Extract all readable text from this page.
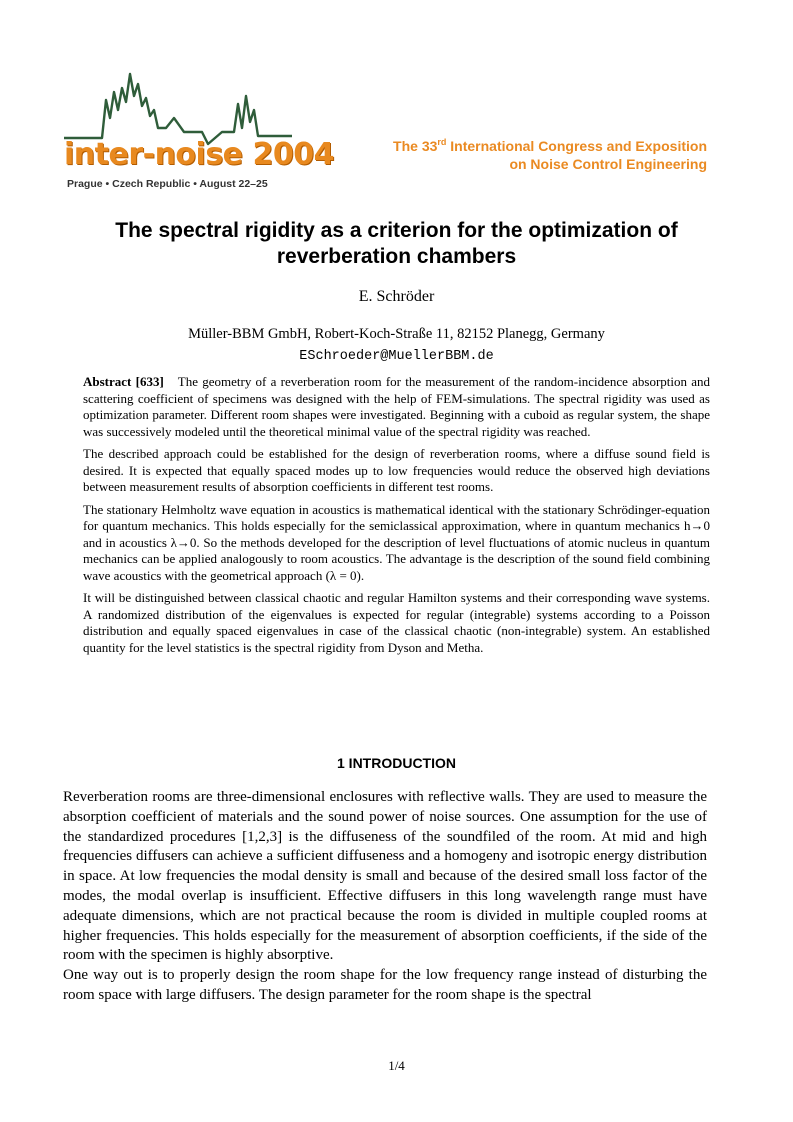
inter-noise 2004
Prague • Czech Republic • August 22–25
The 33rd International Congress and Exposition
on Noise Control Engineering
The spectral rigidity as a criterion for the optimization of reverberation chambers
E. Schröder
Müller-BBM GmbH, Robert-Koch-Straße 11, 82152 Planegg, Germany
ESchroeder@MuellerBBM.de

Abstract [633] The geometry of a reverberation room for the measurement of the random-incidence absorption and scattering coefficient of specimens was designed with the help of FEM-simulations. The spectral rigidity was used as optimization parameter. Different room shapes were investigated. Beginning with a cuboid as regular system, the shape was successively modeled until the theoretical minimal value of the spectral rigidity was reached.

The described approach could be established for the design of reverberation rooms, where a diffuse sound field is desired. It is expected that equally spaced modes up to low frequencies would reduce the observed high deviations between measurement results of absorption coefficients in different test rooms.

The stationary Helmholtz wave equation in acoustics is mathematical identical with the stationary Schrödinger-equation for quantum mechanics. This holds especially for the semiclassical approximation, where in quantum mechanics h→0 and in acoustics λ→0. So the methods developed for the description of level fluctuations of atomic nucleus in quantum mechanics can be applied analogously to room acoustics. The advantage is the description of the sound field combining wave acoustics with the geometrical approach (λ = 0).

It will be distinguished between classical chaotic and regular Hamilton systems and their corresponding wave systems. A randomized distribution of the eigenvalues is expected for regular (integrable) systems according to a Poisson distribution and equally spaced eigenvalues in case of the classical chaotic (non-integrable) system. An established quantity for the level statistics is the spectral rigidity from Dyson and Metha.

1 INTRODUCTION

Reverberation rooms are three-dimensional enclosures with reflective walls. They are used to measure the absorption coefficient of materials and the sound power of noise sources. One assumption for the use of the standardized procedures [1,2,3] is the diffuseness of the soundfiled of the room. At mid and high frequencies diffusers can achieve a sufficient diffuseness and a homogeny and isotropic energy distribution in space. At low frequencies the modal density is small and because of the desired small loss factor of the modes, the modal overlap is insufficient. Effective diffusers in this long wavelength range must have adequate dimensions, which are not practical because the room is divided in multiple coupled rooms at higher frequencies. This holds especially for the measurement of absorption coefficients, if the side of the room with the specimen is highly absorptive.

One way out is to properly design the room shape for the low frequency range instead of disturbing the room space with large diffusers. The design parameter for the room shape is the spectral

1/4
